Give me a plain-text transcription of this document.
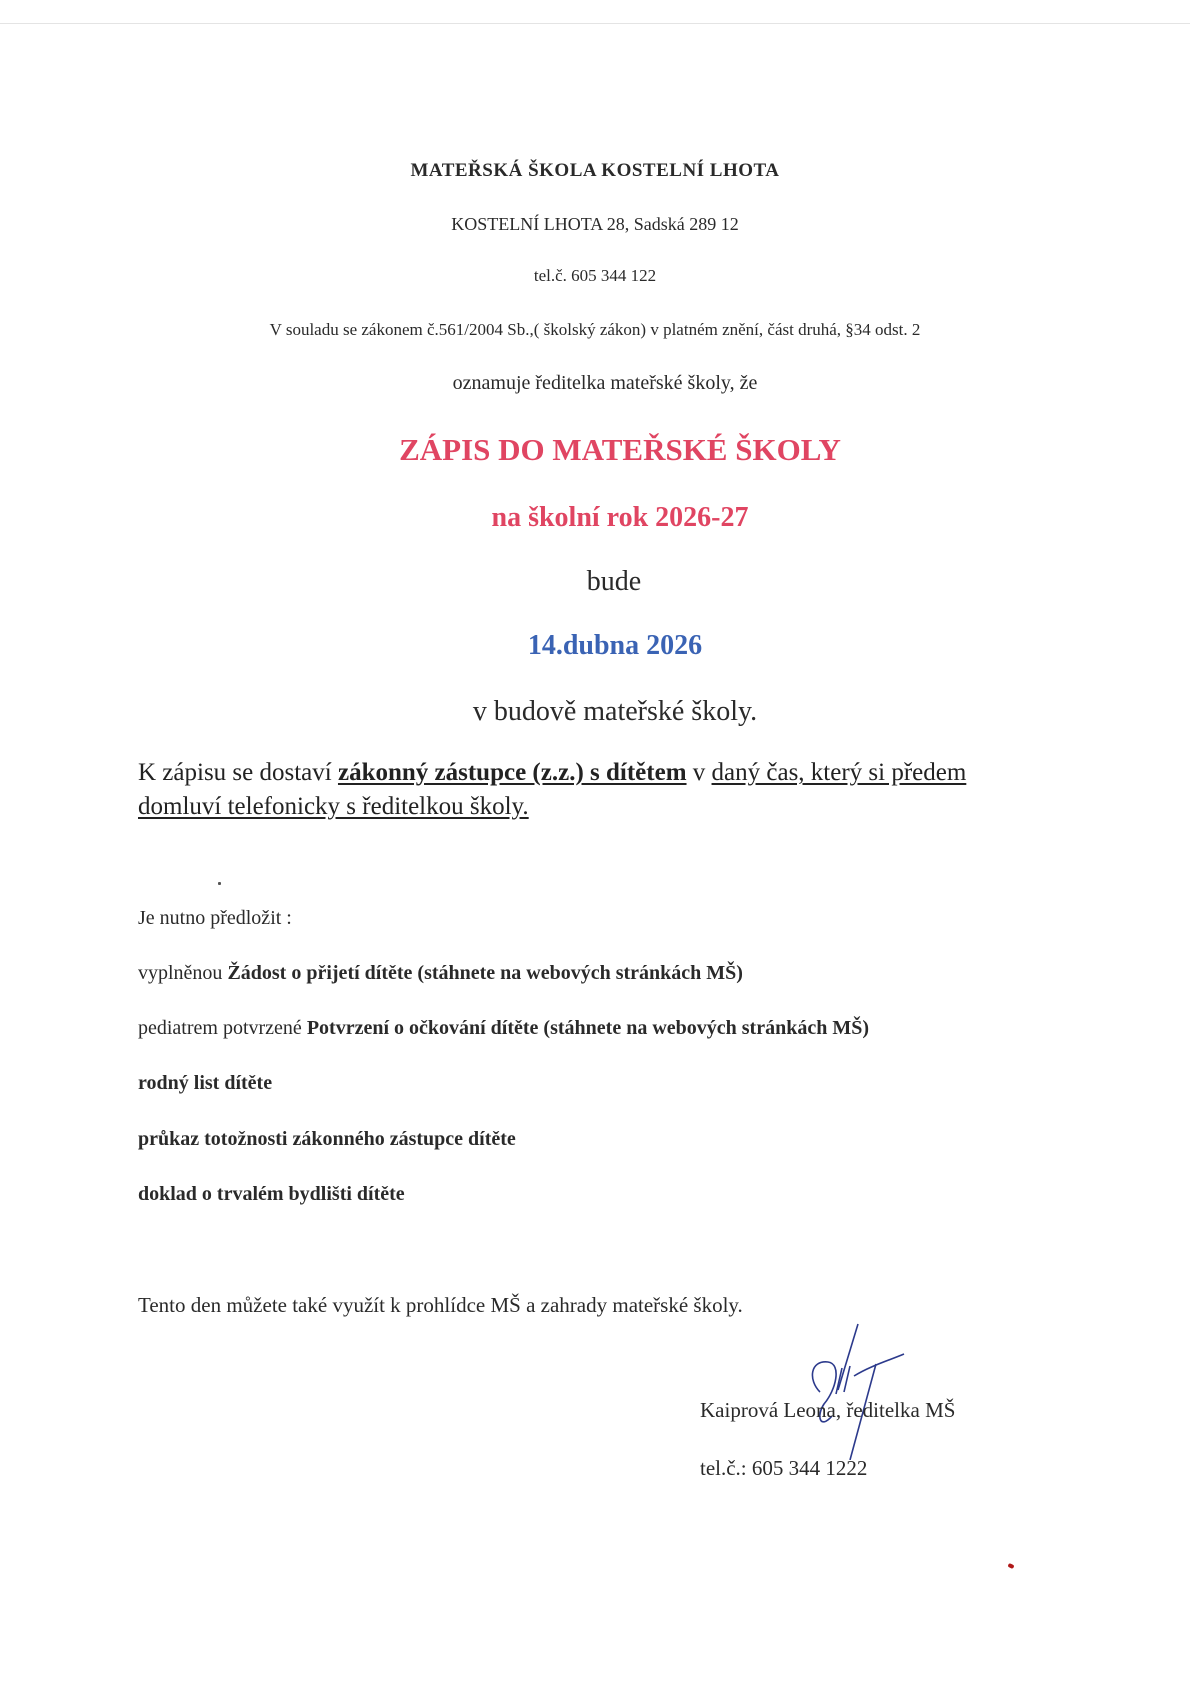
MATEŘSKÁ ŠKOLA KOSTELNÍ LHOTA
KOSTELNÍ LHOTA 28, Sadská 289 12
tel.č. 605 344 122
V souladu se zákonem č.561/2004 Sb.,( školský zákon) v platném znění, část druhá, §34 odst. 2
oznamuje ředitelka mateřské školy, že
ZÁPIS DO MATEŘSKÉ ŠKOLY
na školní rok 2026-27
bude
14.dubna 2026
v budově mateřské školy.
K zápisu se dostaví zákonný zástupce (z.z.) s dítětem v daný čas, který si předem domluví telefonicky s ředitelkou školy.
Je nutno předložit :
vyplněnou Žádost o přijetí dítěte (stáhnete na webových stránkách MŠ)
pediatrem potvrzené Potvrzení o očkování dítěte (stáhnete na webových stránkách MŠ)
rodný list dítěte
průkaz totožnosti zákonného zástupce dítěte
doklad o trvalém bydlišti dítěte
Tento den můžete také využít k prohlídce MŠ a zahrady mateřské školy.
Kaiprová Leona, ředitelka MŠ
tel.č.: 605 344 1222
